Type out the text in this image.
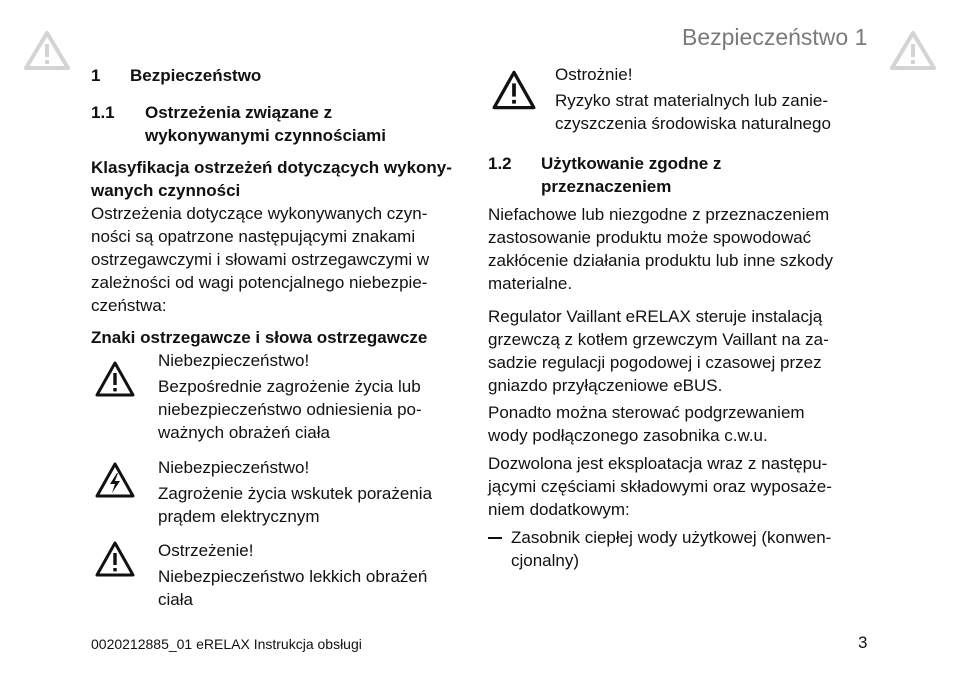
Bezpieczeństwo 1
1 Bezpieczeństwo
1.1 Ostrzeżenia związane z
wykonywanymi czynnościami
Klasyfikacja ostrzeżeń dotyczących wykony-
wanych czynności
Ostrzeżenia dotyczące wykonywanych czyn-
ności są opatrzone następującymi znakami
ostrzegawczymi i słowami ostrzegawczymi w
zależności od wagi potencjalnego niebezpie-
czeństwa:
Znaki ostrzegawcze i słowa ostrzegawcze
Niebezpieczeństwo!
Bezpośrednie zagrożenie życia lub
niebezpieczeństwo odniesienia po-
ważnych obrażeń ciała
Niebezpieczeństwo!
Zagrożenie życia wskutek porażenia
prądem elektrycznym
Ostrzeżenie!
Niebezpieczeństwo lekkich obrażeń
ciała
Ostrożnie!
Ryzyko strat materialnych lub zanie-
czyszczenia środowiska naturalnego
1.2 Użytkowanie zgodne z
przeznaczeniem
Niefachowe lub niezgodne z przeznaczeniem
zastosowanie produktu może spowodować
zakłócenie działania produktu lub inne szkody
materialne.
Regulator Vaillant eRELAX steruje instalacją
grzewczą z kotłem grzewczym Vaillant na za-
sadzie regulacji pogodowej i czasowej przez
gniazdo przyłączeniowe eBUS.
Ponadto można sterować podgrzewaniem
wody podłączonego zasobnika c.w.u.
Dozwolona jest eksploatacja wraz z następu-
jącymi częściami składowymi oraz wyposaże-
niem dodatkowym:
Zasobnik ciepłej wody użytkowej (konwen-
cjonalny)
0020212885_01 eRELAX Instrukcja obsługi	3
